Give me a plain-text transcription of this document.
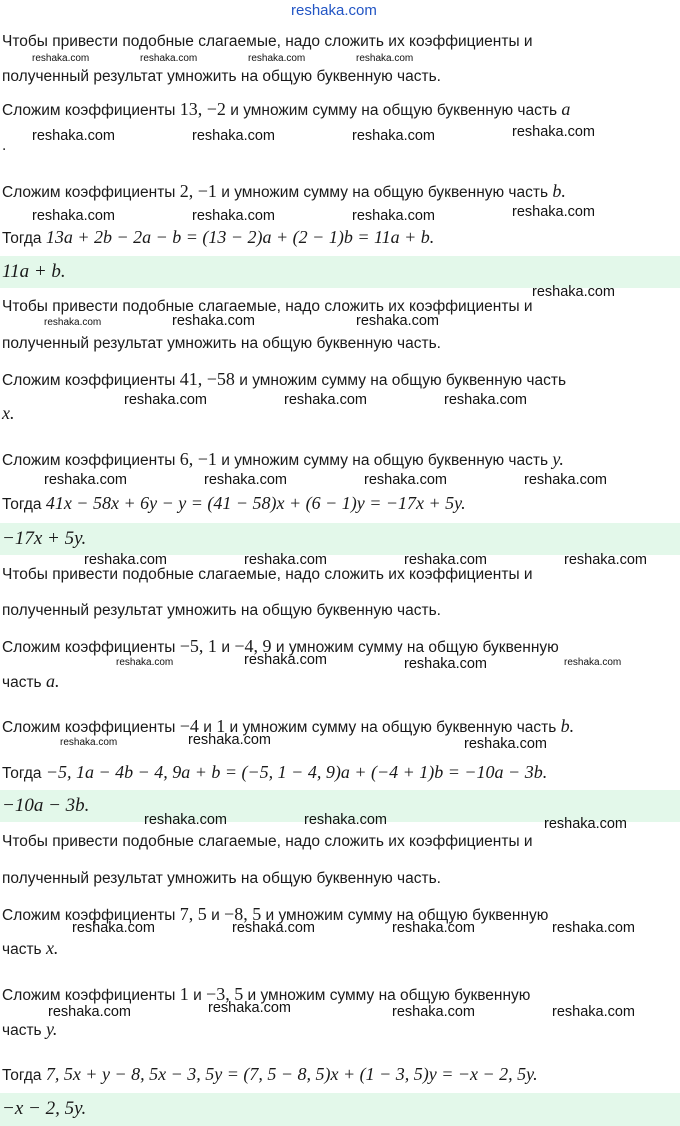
reshaka.com
Чтобы привести подобные слагаемые, надо сложить их коэффициенты и
полученный результат умножить на общую буквенную часть.
Сложим коэффициенты 13, −2 и умножим сумму на общую буквенную часть a
.
Сложим коэффициенты 2, −1 и умножим сумму на общую буквенную часть b.
Тогда 13a + 2b − 2a − b = (13 − 2)a + (2 − 1)b = 11a + b.
11a + b.
Чтобы привести подобные слагаемые, надо сложить их коэффициенты и
полученный результат умножить на общую буквенную часть.
Сложим коэффициенты 41, −58 и умножим сумму на общую буквенную часть
x.
Сложим коэффициенты 6, −1 и умножим сумму на общую буквенную часть y.
Тогда 41x − 58x + 6y − y = (41 − 58)x + (6 − 1)y = −17x + 5y.
−17x + 5y.
Чтобы привести подобные слагаемые, надо сложить их коэффициенты и
полученный результат умножить на общую буквенную часть.
Сложим коэффициенты −5, 1 и −4, 9 и умножим сумму на общую буквенную
часть a.
Сложим коэффициенты −4 и 1 и умножим сумму на общую буквенную часть b.
Тогда −5, 1a − 4b − 4, 9a + b = (−5, 1 − 4, 9)a + (−4 + 1)b = −10a − 3b.
−10a − 3b.
Чтобы привести подобные слагаемые, надо сложить их коэффициенты и
полученный результат умножить на общую буквенную часть.
Сложим коэффициенты 7, 5 и −8, 5 и умножим сумму на общую буквенную
часть x.
Сложим коэффициенты 1 и −3, 5 и умножим сумму на общую буквенную
часть y.
Тогда 7, 5x + y − 8, 5x − 3, 5y = (7, 5 − 8, 5)x + (1 − 3, 5)y = −x − 2, 5y.
−x − 2, 5y.
reshaka.com	reshaka.com	reshaka.com	reshaka.com
reshaka.com	reshaka.com	reshaka.com	reshaka.com
reshaka.com	reshaka.com	reshaka.com	reshaka.com
reshaka.com
reshaka.com	reshaka.com	reshaka.com
reshaka.com	reshaka.com	reshaka.com
reshaka.com	reshaka.com	reshaka.com	reshaka.com
reshaka.com	reshaka.com	reshaka.com	reshaka.com
reshaka.com	reshaka.com	reshaka.com	reshaka.com
reshaka.com	reshaka.com	reshaka.com
reshaka.com	reshaka.com	reshaka.com
reshaka.com	reshaka.com	reshaka.com	reshaka.com
reshaka.com	reshaka.com	reshaka.com	reshaka.com
